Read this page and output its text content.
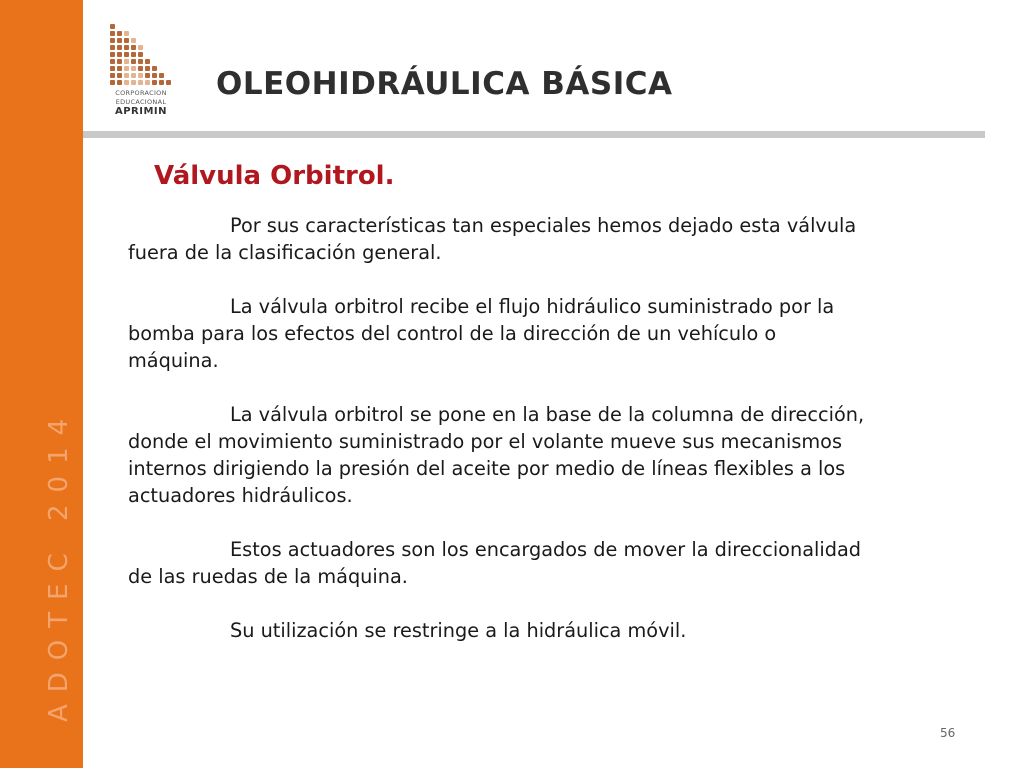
ADOTEC 2014
CORPORACION
EDUCACIONAL
APRIMIN
OLEOHIDRÁULICA BÁSICA
Válvula Orbitrol.

Por sus características tan especiales hemos dejado esta válvula
fuera de la clasificación general.

La válvula orbitrol recibe el flujo hidráulico suministrado por la
bomba para los efectos del control de la dirección de un vehículo o
máquina.

La válvula orbitrol se pone en la base de la columna de dirección,
donde el movimiento suministrado por el volante mueve sus mecanismos
internos dirigiendo la presión del aceite por medio de líneas flexibles a los
actuadores hidráulicos.

Estos actuadores son los encargados de mover la direccionalidad
de las ruedas de la máquina.

Su utilización se restringe a la hidráulica móvil.

56
